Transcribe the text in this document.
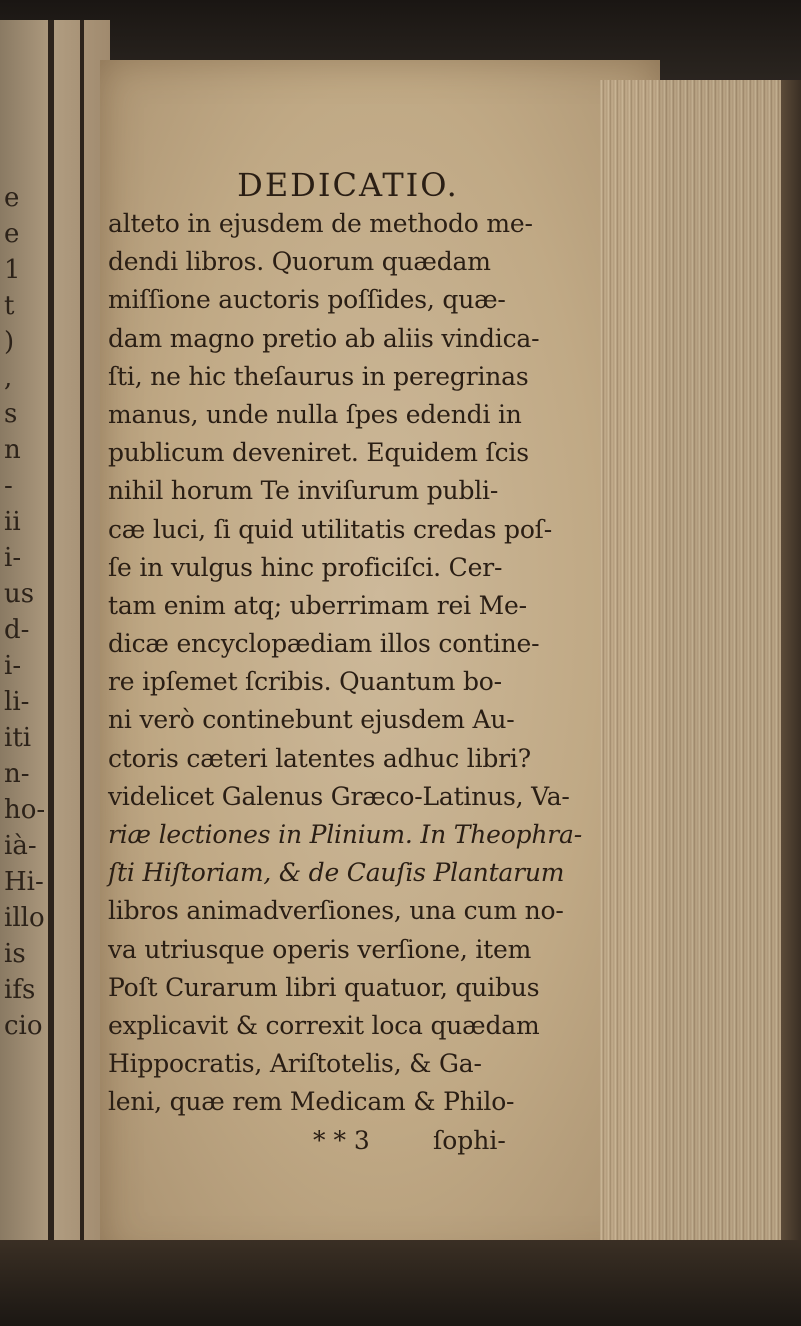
e
e
1
t
)
,
s
n
-
ii
i-
us
d-
i-
li-
iti
n-
ho-
ià-
Hi-
illo
is
ifs
cio
DEDICATIO.
alteto in ejusdem de methodo me-
dendi libros. Quorum quædam
miſſione auctoris poſſides, quæ-
dam magno pretio ab aliis vindica-
ſti, ne hic theſaurus in peregrinas
manus, unde nulla ſpes edendi in
publicum deveniret. Equidem ſcis
nihil horum Te inviſurum publi-
cæ luci, ſi quid utilitatis credas poſ-
ſe in vulgus hinc proficiſci. Cer-
tam enim atq; uberrimam rei Me-
dicæ encyclopædiam illos contine-
re ipſemet ſcribis. Quantum bo-
ni verò continebunt ejusdem Au-
ctoris cæteri latentes adhuc libri?
videlicet Galenus Græco-Latinus, Va-
riæ lectiones in Plinium. In Theophra-
ſti Hiſtoriam, & de Cauſis Plantarum
libros animadverſiones, una cum no-
va utriusque operis verſione, item
Poſt Curarum libri quatuor, quibus
explicavit & correxit loca quædam
Hippocratis, Ariſtotelis, & Ga-
leni, quæ rem Medicam & Philo-
* * 3	ſophi-
